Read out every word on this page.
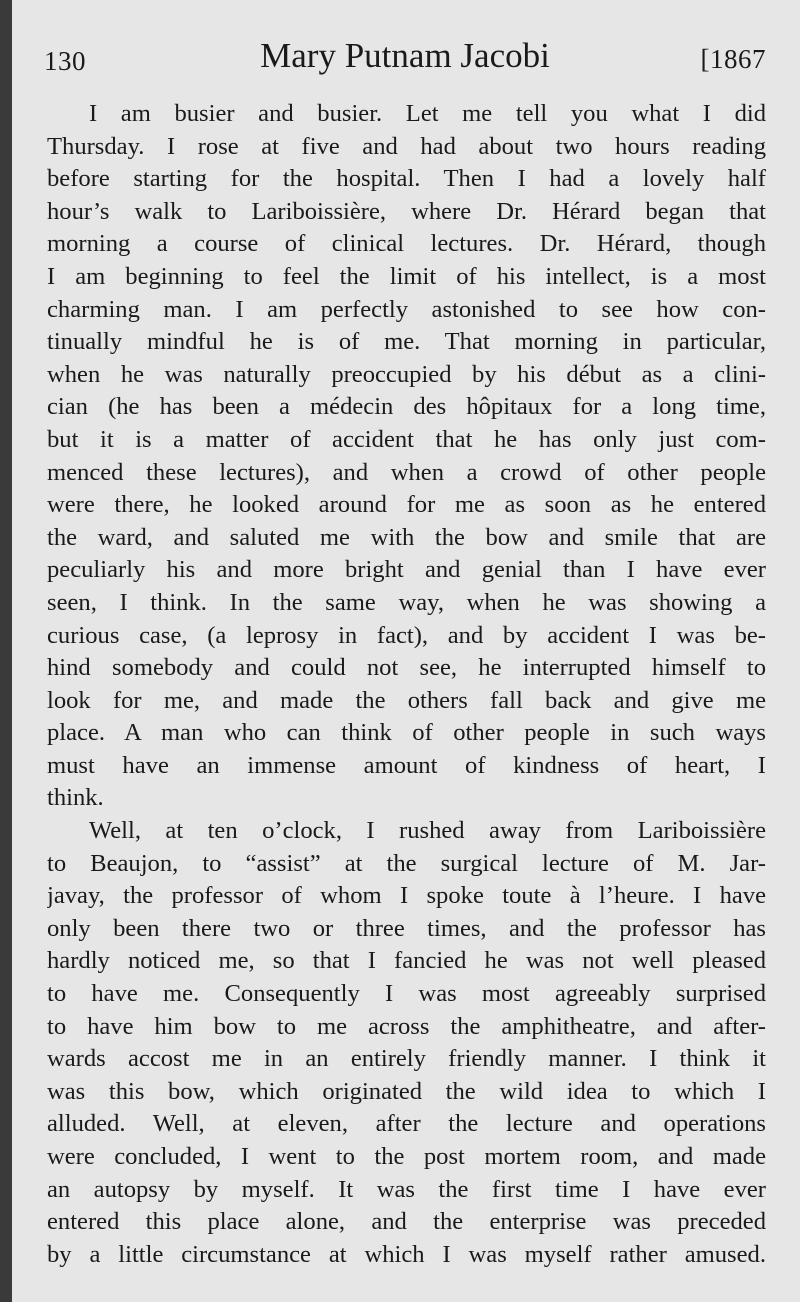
130	Mary Putnam Jacobi	[1867
I am busier and busier. Let me tell you what I did
Thursday. I rose at five and had about two hours reading
before starting for the hospital. Then I had a lovely half
hour’s walk to Lariboissière, where Dr. Hérard began that
morning a course of clinical lectures. Dr. Hérard, though
I am beginning to feel the limit of his intellect, is a most
charming man. I am perfectly astonished to see how con-
tinually mindful he is of me. That morning in particular,
when he was naturally preoccupied by his début as a clini-
cian (he has been a médecin des hôpitaux for a long time,
but it is a matter of accident that he has only just com-
menced these lectures), and when a crowd of other people
were there, he looked around for me as soon as he entered
the ward, and saluted me with the bow and smile that are
peculiarly his and more bright and genial than I have ever
seen, I think. In the same way, when he was showing a
curious case, (a leprosy in fact), and by accident I was be-
hind somebody and could not see, he interrupted himself to
look for me, and made the others fall back and give me
place. A man who can think of other people in such ways
must have an immense amount of kindness of heart, I
think.
Well, at ten o’clock, I rushed away from Lariboissière
to Beaujon, to “assist” at the surgical lecture of M. Jar-
javay, the professor of whom I spoke toute à l’heure. I have
only been there two or three times, and the professor has
hardly noticed me, so that I fancied he was not well pleased
to have me. Consequently I was most agreeably surprised
to have him bow to me across the amphitheatre, and after-
wards accost me in an entirely friendly manner. I think it
was this bow, which originated the wild idea to which I
alluded. Well, at eleven, after the lecture and operations
were concluded, I went to the post mortem room, and made
an autopsy by myself. It was the first time I have ever
entered this place alone, and the enterprise was preceded
by a little circumstance at which I was myself rather amused.
